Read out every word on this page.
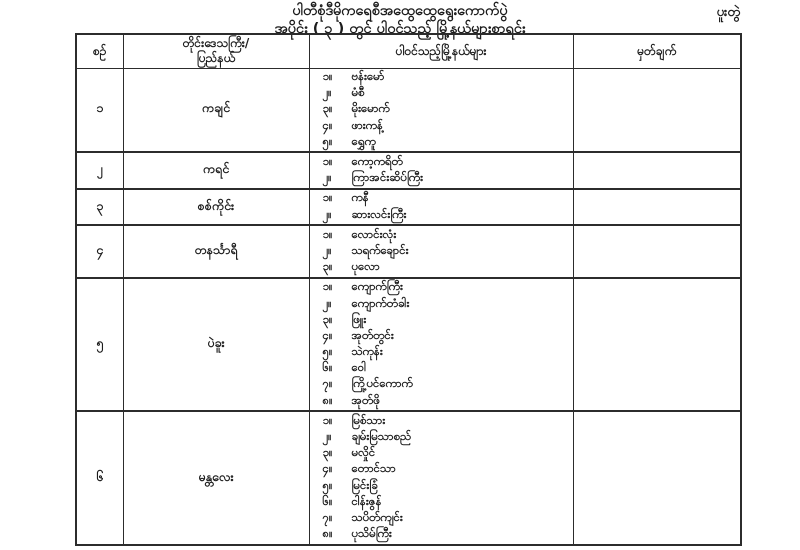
ပါတီစုံဒီမိုကရေစီအထွေထွေရွေးကောက်ပွဲ
အပိုင်း ( ၃ ) တွင် ပါဝင်သည့် မြို့နယ်များစာရင်း
ပူးတွဲ
စဉ်	တိုင်းဒေသကြီး/
ပြည်နယ်	ပါဝင်သည့်မြို့နယ်များ	မှတ်ချက်
၁	ကချင်	
၁။	ဗန်းမော်
၂။	မံစီ
၃။	မိုးမောက်
၄။	ဖားကန့်
၅။	ရွှေကူ

၂	ကရင်	၁။ ကော့ကရိတ်
၂။ ကြာအင်းဆိပ်ကြီး	

၃	စစ်ကိုင်း	၁။ ကနီ
၂။ ဆားလင်းကြီး	

၄	တနင်္သာရီ	
၁။	လောင်းလုံး
၂။	သရက်ချောင်း
၃။	ပုလော

၅	ပဲခူး	
၁။	ကျောက်ကြီး
၂။	ကျောက်တံခါး
၃။	ဖြူး
၄။	အုတ်တွင်း
၅။	သဲကုန်း
၆။	ဝေါ
၇။	ကြို့ပင်ကောက်
၈။	အုတ်ဖို

၆	မန္တလေး	
၁။	မြစ်သား
၂။	ချမ်းမြသာစည်
၃။	မလှိုင်
၄။	တောင်သာ
၅။	မြင်းခြံ
၆။	ငါန်းဇွန်
၇။	သပိတ်ကျင်း
၈။	ပုသိမ်ကြီး
